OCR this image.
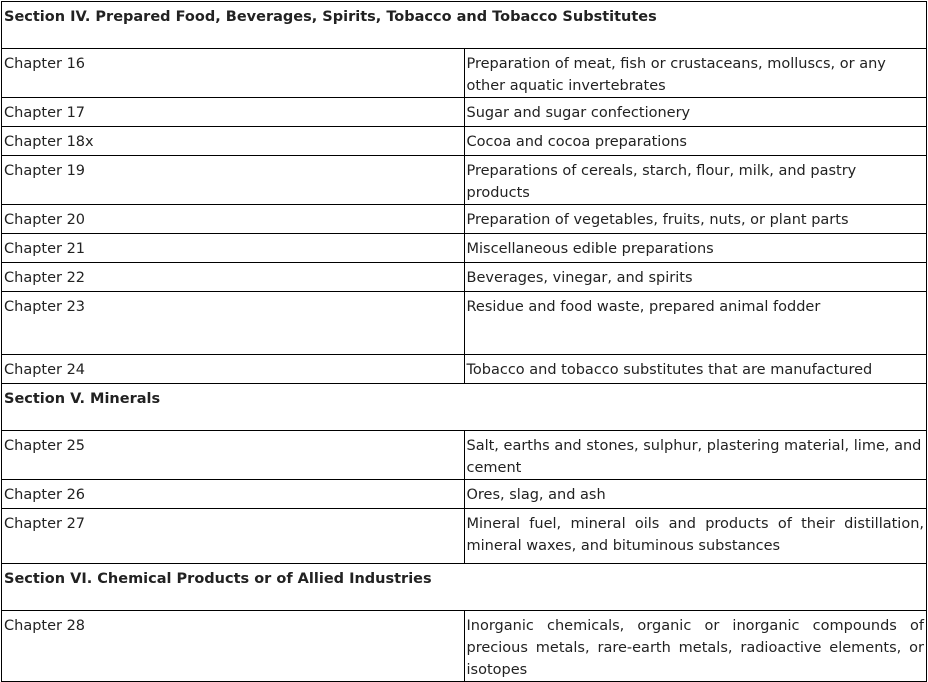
Section IV. Prepared Food, Beverages, Spirits, Tobacco and Tobacco Substitutes	
Chapter 16	Preparation of meat, fish or crustaceans, molluscs, or any other aquatic invertebrates
Chapter 17	Sugar and sugar confectionery
Chapter 18x	Cocoa and cocoa preparations
Chapter 19	Preparations of cereals, starch, flour, milk, and pastry products
Chapter 20	Preparation of vegetables, fruits, nuts, or plant parts
Chapter 21	Miscellaneous edible preparations
Chapter 22	Beverages, vinegar, and spirits
Chapter 23	Residue and food waste, prepared animal fodder
Chapter 24	Tobacco and tobacco substitutes that are manufactured
Section V. Minerals	
Chapter 25	Salt, earths and stones, sulphur, plastering material, lime, and cement
Chapter 26	Ores, slag, and ash
Chapter 27	Mineral fuel, mineral oils and products of their distillation, mineral waxes, and bituminous substances
Section VI. Chemical Products or of Allied Industries	
Chapter 28	Inorganic chemicals, organic or inorganic compounds of precious metals, rare-earth metals, radioactive elements, or isotopes
